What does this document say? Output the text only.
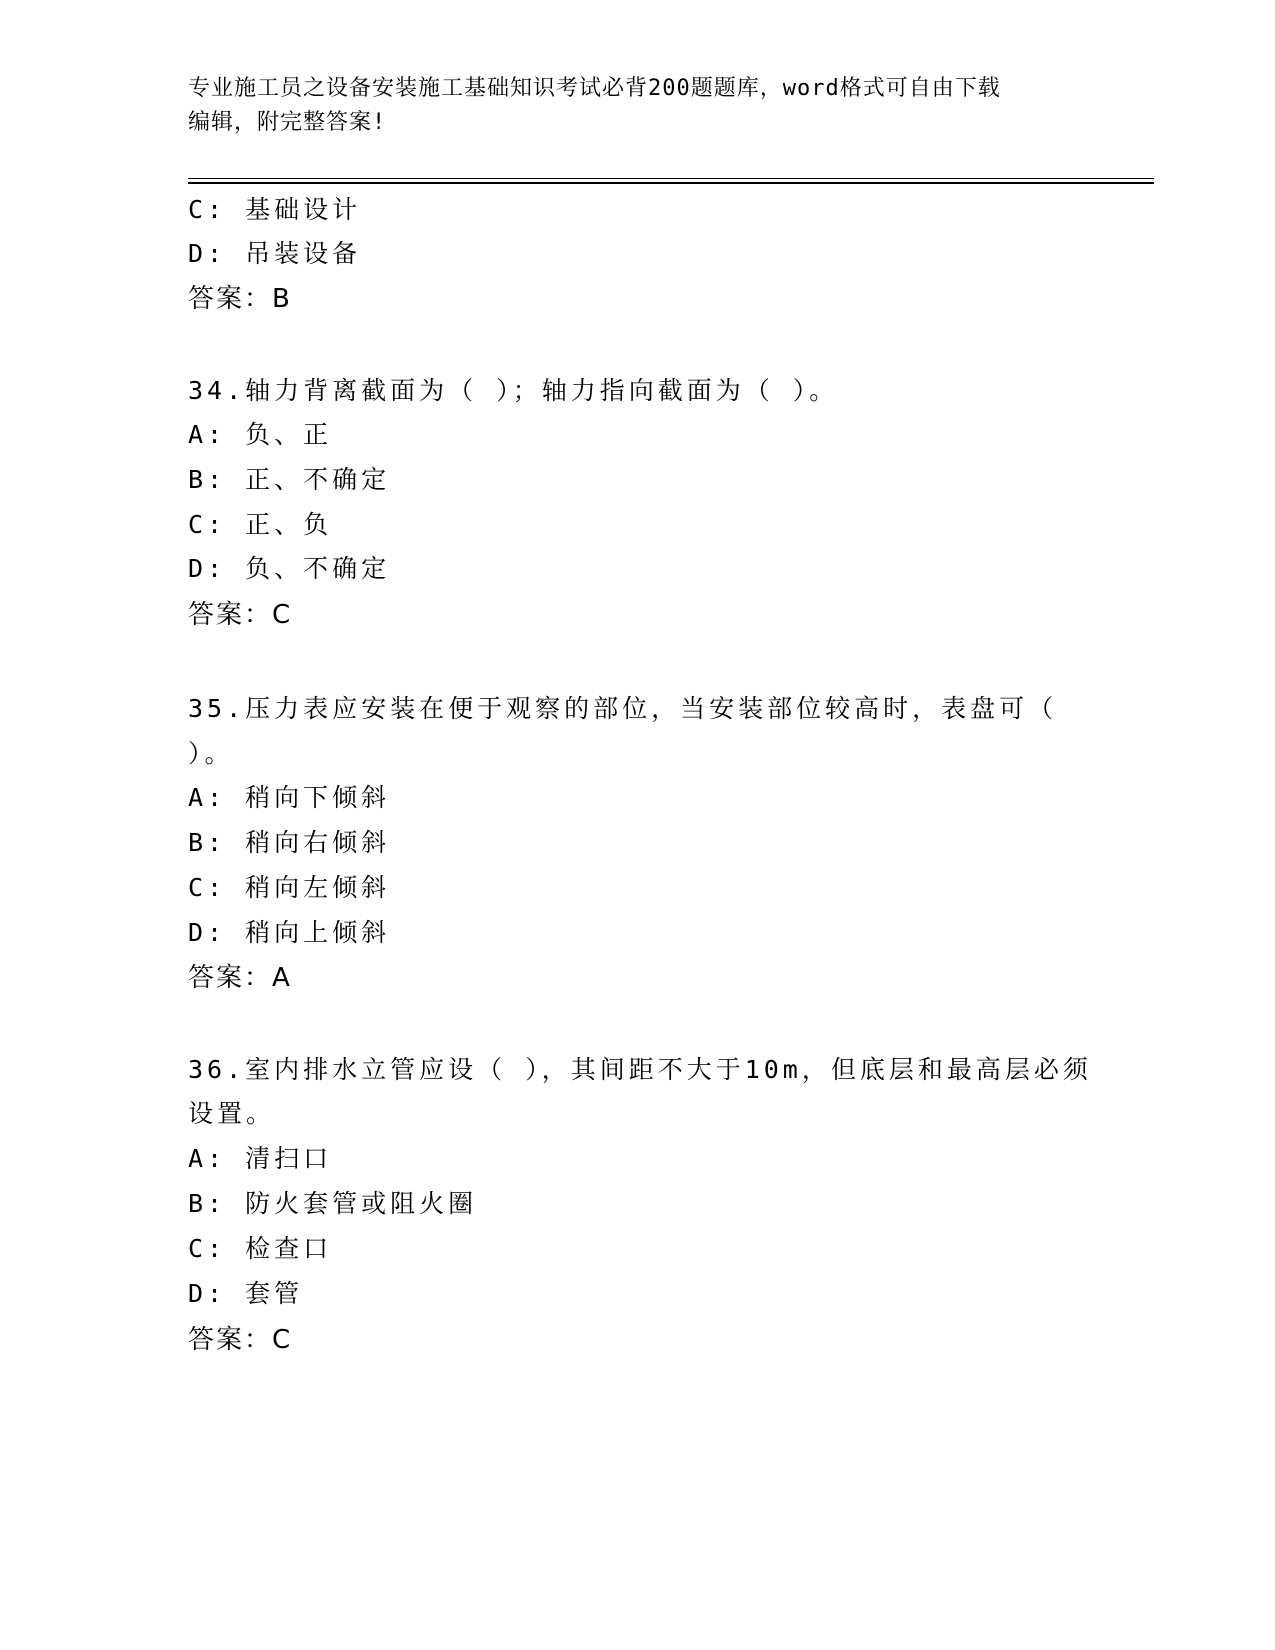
专业施工员之设备安装施工基础知识考试必背200题题库，word格式可自由下载
编辑，附完整答案!
C: 基础设计
D: 吊装设备
答案：B
34.轴力背离截面为（ ）；轴力指向截面为（ ）。
A: 负、正
B: 正、不确定
C: 正、负
D: 负、不确定
答案：C
35.压力表应安装在便于观察的部位，当安装部位较高时，表盘可（
）。
A: 稍向下倾斜
B: 稍向右倾斜
C: 稍向左倾斜
D: 稍向上倾斜
答案：A
36.室内排水立管应设（ ），其间距不大于10m，但底层和最高层必须
设置。
A: 清扫口
B: 防火套管或阻火圈
C: 检查口
D: 套管
答案：C
